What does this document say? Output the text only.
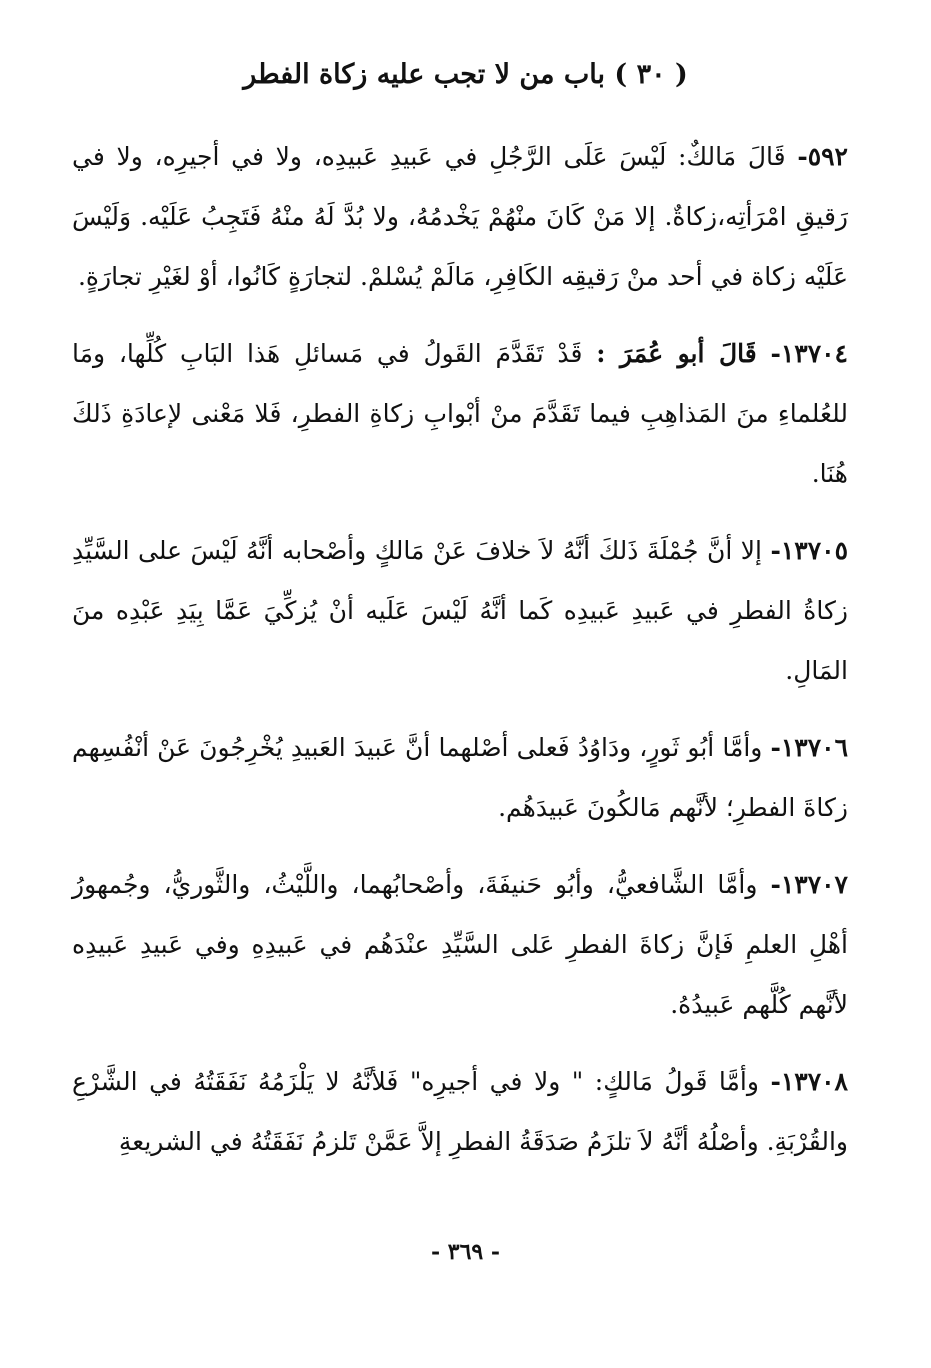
( ٣٠ ) باب من لا تجب عليه زكاة الفطر

٥٩٢- قَالَ مَالكٌ: لَيْسَ عَلَى الرَّجُلِ في عَبيدِ عَبيدِه، ولا في أجيرِه، ولا في رَقيقِ امْرَأتِه،زكاةٌ. إلا مَنْ كَانَ منْهُمْ يَخْدمُهُ، ولا بُدَّ لَهُ منْهُ فَتَجِبُ عَلَيْه. وَلَيْسَ عَلَيْه زكاة في أحد منْ رَقيقِه الكَافِرِ، مَالَمْ يُسْلمْ. لتجارَةٍ كَانُوا، أوْ لغَيْرِ تجارَةٍ.

١٣٧٠٤- قَالَ أبو عُمَرَ : قَدْ تَقَدَّمَ القَولُ في مَسائلِ هَذا البَابِ كُلِّها، ومَا للعُلماءِ منَ المَذاهِبِ فيما تَقَدَّمَ منْ أبْوابِ زكاةِ الفطرِ، فَلا مَعْنى لإعادَةِ ذَلكَ هُنَا.

١٣٧٠٥- إلا أنَّ جُمْلَةَ ذَلكَ أنَّهُ لاَ خلافَ عَنْ مَالكٍ وأصْحابه أنَّهُ لَيْسَ على السَّيِّدِ زكاةُ الفطرِ في عَبيدِ عَبيدِه كَما أنَّهُ لَيْسَ عَلَيه أنْ يُزكِّيَ عَمَّا بِيَدِ عَبْدِه منَ المَالِ.

١٣٧٠٦- وأمَّا أبُو ثَورٍ، ودَاوُدُ فَعلى أصْلهما أنَّ عَبيدَ العَبيدِ يُخْرِجُونَ عَنْ أنْفُسِهم زكاةَ الفطرِ؛ لأنَّهم مَالكُونَ عَبيدَهُم.

١٣٧٠٧- وأمَّا الشَّافعيُّ، وأبُو حَنيفَةَ، وأصْحابُهما، واللَّيْثُ، والثَّوريُّ، وجُمهورُ أهْلِ العلمِ فَإنَّ زكاةَ الفطرِ عَلى السَّيِّدِ عنْدَهُم في عَبيدِهِ وفي عَبيدِ عَبيدِه لأنَّهم كُلَّهم عَبيدُهُ.

١٣٧٠٨- وأمَّا قَولُ مَالكٍ: " ولا في أجيرِه" فَلأنَّهُ لا يَلْزَمُهُ نَفَقَتُهُ في الشَّرْعِ والقُرْبَةِ. وأصْلُهُ أنَّهُ لاَ تلزَمُ صَدَقَةُ الفطرِ إلاَّ عَمَّنْ تَلزمُ نَفَقَتُهُ في الشريعةِ

- ٣٦٩ -
